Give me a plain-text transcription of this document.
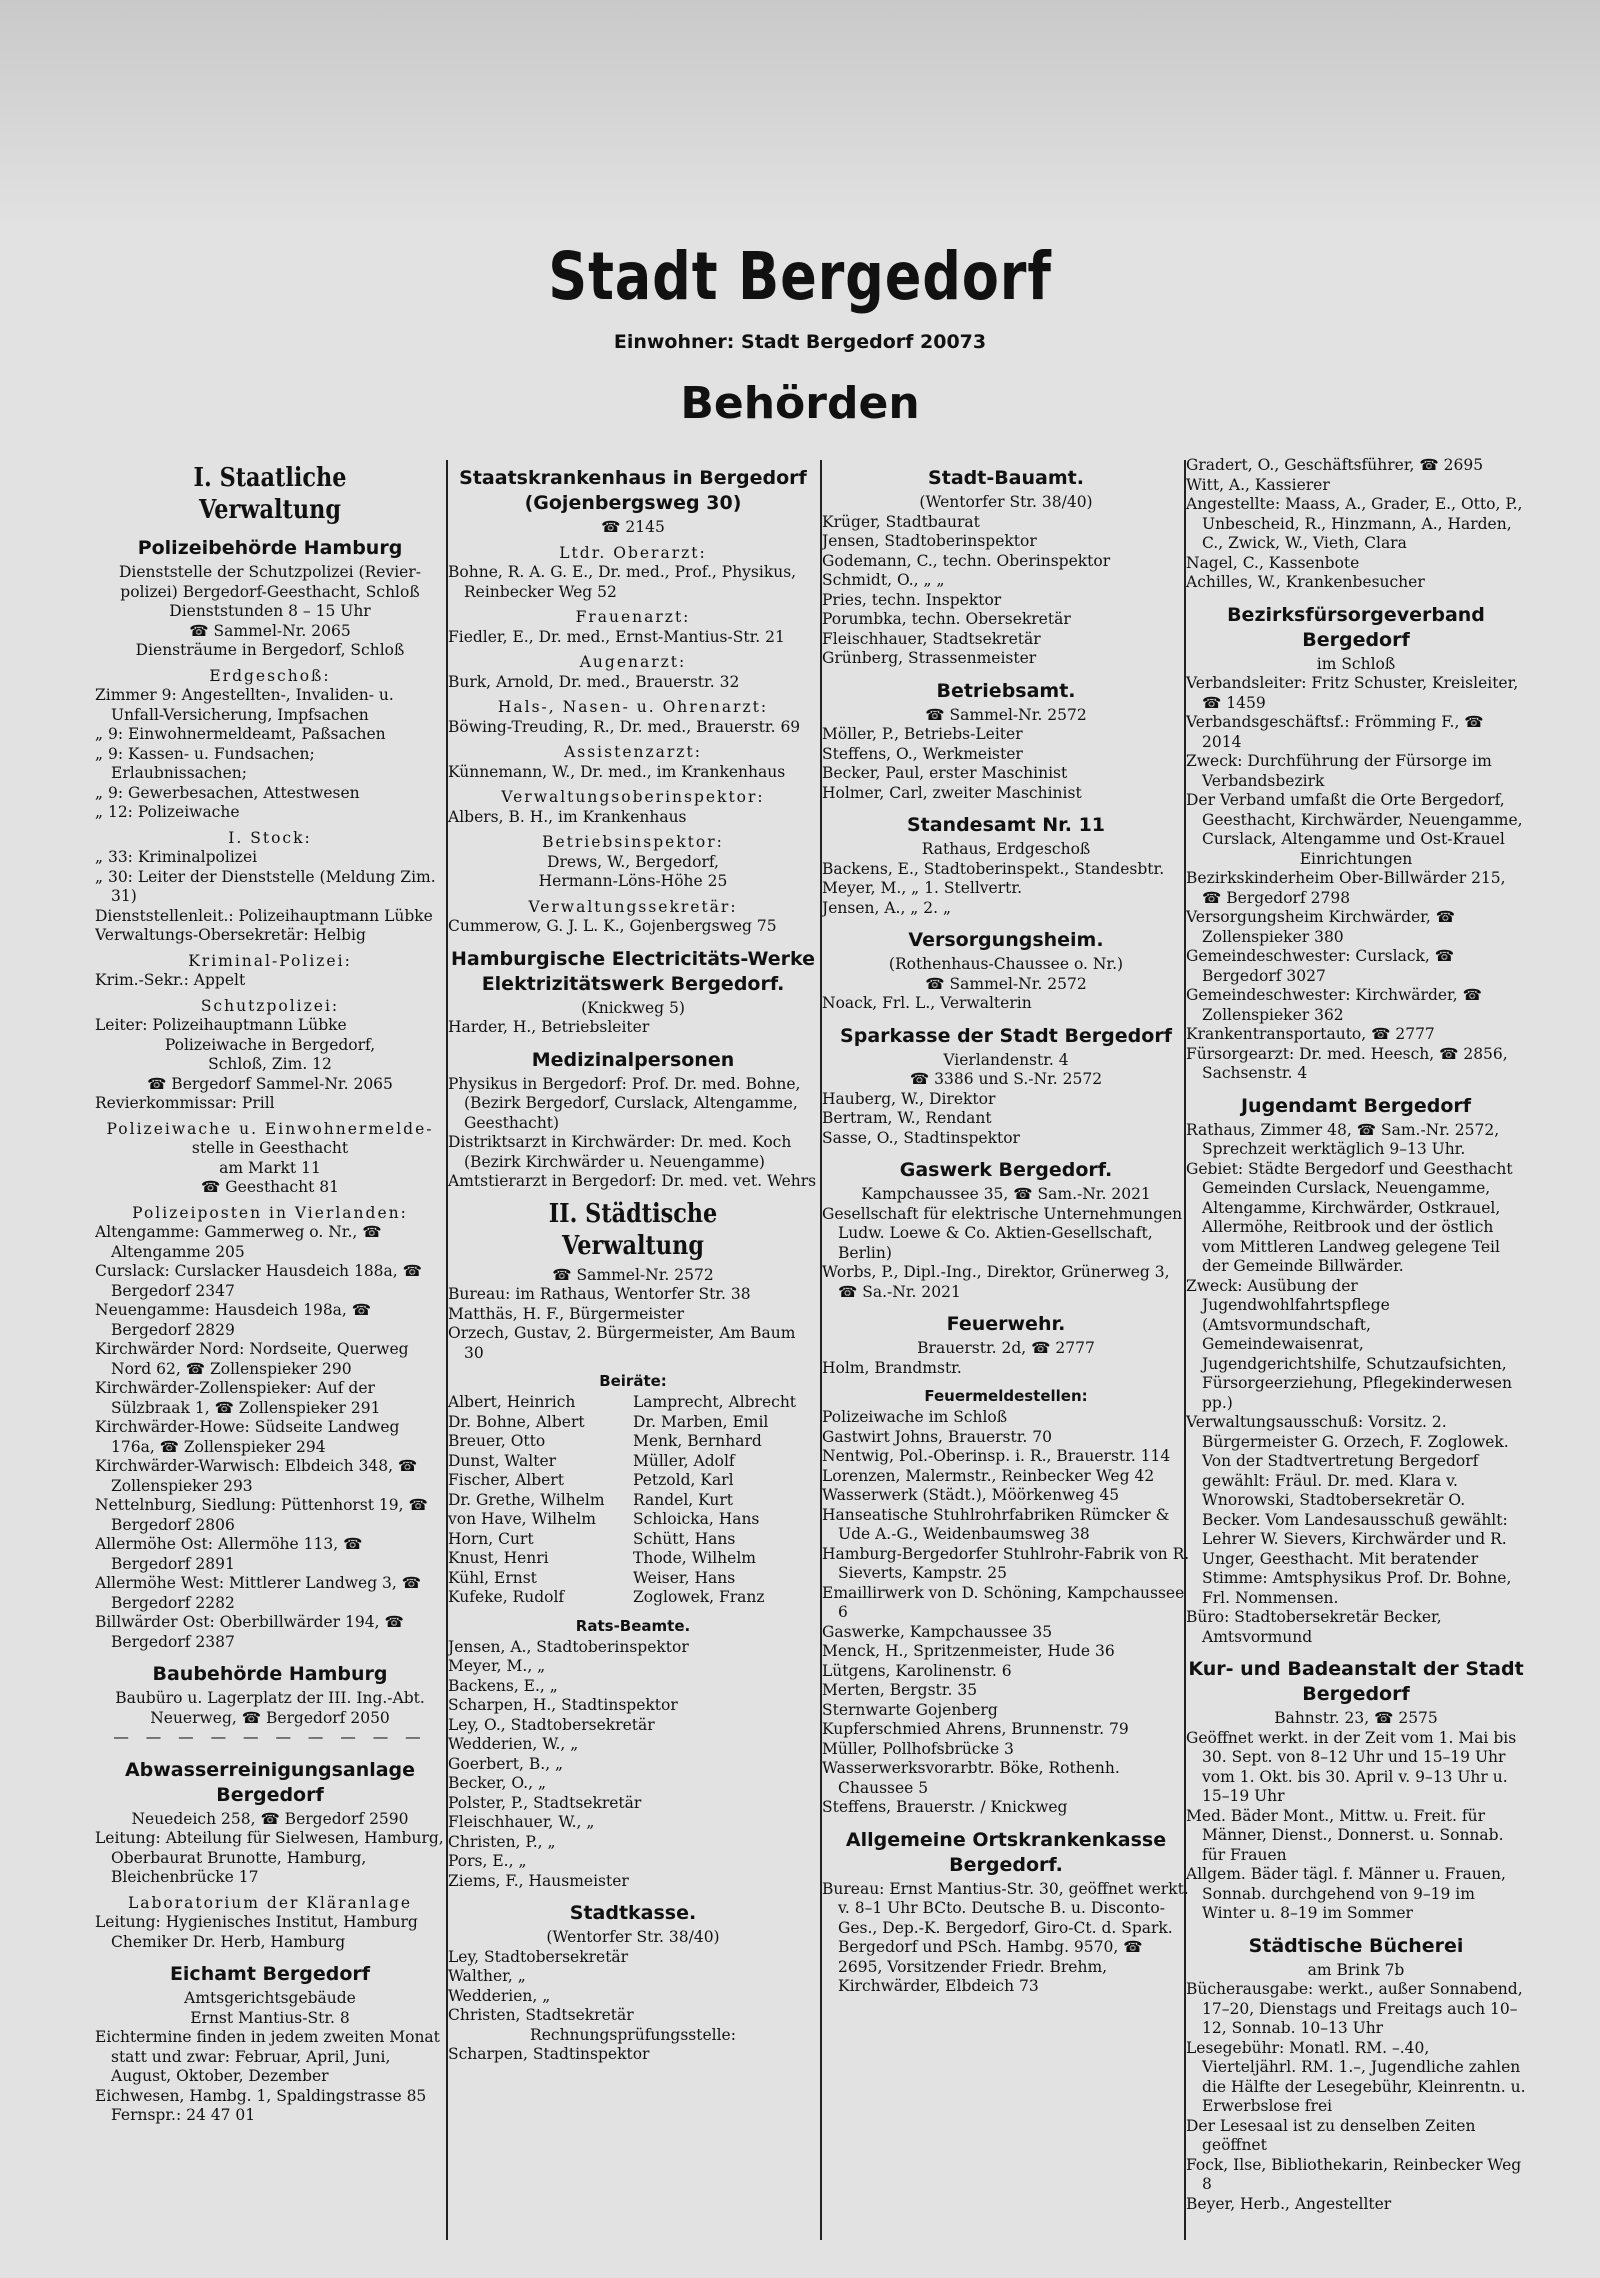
Stadt Bergedorf
Einwohner: Stadt Bergedorf 20073
Behörden

I. Staatliche Verwaltung

Polizeibehörde Hamburg

Dienststelle der Schutzpolizei (Revier-

polizei) Bergedorf-Geesthacht, Schloß

Dienststunden 8 – 15 Uhr

☎ Sammel-Nr. 2065

Diensträume in Bergedorf, Schloß

Erdgeschoß:

Zimmer 9: Angestellten-, Invaliden- u. Unfall-Versicherung, Impfsachen

„ 9: Einwohnermeldeamt, Paßsachen

„ 9: Kassen- u. Fundsachen; Erlaubnissachen;

„ 9: Gewerbesachen, Attestwesen

„ 12: Polizeiwache

I. Stock:

„ 33: Kriminalpolizei

„ 30: Leiter der Dienststelle (Meldung Zim. 31)

Dienststellenleit.: Polizeihauptmann Lübke

Verwaltungs-Obersekretär: Helbig

Kriminal-Polizei:

Krim.-Sekr.: Appelt

Schutzpolizei:

Leiter: Polizeihauptmann Lübke

Polizeiwache in Bergedorf,

Schloß, Zim. 12

☎ Bergedorf Sammel-Nr. 2065

Revierkommissar: Prill

Polizeiwache u. Einwohnermelde-

stelle in Geesthacht

am Markt 11

☎ Geesthacht 81

Polizeiposten in Vierlanden:

Altengamme: Gammerweg o. Nr., ☎ Altengamme 205

Curslack: Curslacker Hausdeich 188a, ☎ Bergedorf 2347

Neuengamme: Hausdeich 198a, ☎ Bergedorf 2829

Kirchwärder Nord: Nordseite, Querweg Nord 62, ☎ Zollenspieker 290

Kirchwärder-Zollenspieker: Auf der Sülzbraak 1, ☎ Zollenspieker 291

Kirchwärder-Howe: Südseite Landweg 176a, ☎ Zollenspieker 294

Kirchwärder-Warwisch: Elbdeich 348, ☎ Zollenspieker 293

Nettelnburg, Siedlung: Püttenhorst 19, ☎ Bergedorf 2806

Allermöhe Ost: Allermöhe 113, ☎ Bergedorf 2891

Allermöhe West: Mittlerer Landweg 3, ☎ Bergedorf 2282

Billwärder Ost: Oberbillwärder 194, ☎ Bergedorf 2387

Baubehörde Hamburg

Baubüro u. Lagerplatz der III. Ing.-Abt.

Neuerweg, ☎ Bergedorf 2050

— — — — — — — — — —

Abwasserreinigungsanlage Bergedorf

Neuedeich 258, ☎ Bergedorf 2590

Leitung: Abteilung für Sielwesen, Hamburg, Oberbaurat Brunotte, Hamburg, Bleichenbrücke 17

Laboratorium der Kläranlage

Leitung: Hygienisches Institut, Hamburg Chemiker Dr. Herb, Hamburg

Eichamt Bergedorf

Amtsgerichtsgebäude

Ernst Mantius-Str. 8

Eichtermine finden in jedem zweiten Monat statt und zwar: Februar, April, Juni, August, Oktober, Dezember

Eichwesen, Hambg. 1, Spaldingstrasse 85 Fernspr.: 24 47 01

Staatskrankenhaus in Bergedorf (Gojenbergsweg 30)

☎ 2145

Ltdr. Oberarzt:

Bohne, R. A. G. E., Dr. med., Prof., Physikus, Reinbecker Weg 52

Frauenarzt:

Fiedler, E., Dr. med., Ernst-Mantius-Str. 21

Augenarzt:

Burk, Arnold, Dr. med., Brauerstr. 32

Hals-, Nasen- u. Ohrenarzt:

Böwing-Treuding, R., Dr. med., Brauerstr. 69

Assistenzarzt:

Künnemann, W., Dr. med., im Krankenhaus

Verwaltungsoberinspektor:

Albers, B. H., im Krankenhaus

Betriebsinspektor:

Drews, W., Bergedorf,

Hermann-Löns-Höhe 25

Verwaltungssekretär:

Cummerow, G. J. L. K., Gojenbergsweg 75

Hamburgische Electricitäts-Werke Elektrizitätswerk Bergedorf.

(Knickweg 5)

Harder, H., Betriebsleiter

Medizinalpersonen

Physikus in Bergedorf: Prof. Dr. med. Bohne, (Bezirk Bergedorf, Curslack, Altengamme, Geesthacht)

Distriktsarzt in Kirchwärder: Dr. med. Koch (Bezirk Kirchwärder u. Neuengamme)

Amtstierarzt in Bergedorf: Dr. med. vet. Wehrs

II. Städtische Verwaltung

☎ Sammel-Nr. 2572

Bureau: im Rathaus, Wentorfer Str. 38

Matthäs, H. F., Bürgermeister

Orzech, Gustav, 2. Bürgermeister, Am Baum 30

Beiräte:

Albert, Heinrich

Dr. Bohne, Albert

Breuer, Otto

Dunst, Walter

Fischer, Albert

Dr. Grethe, Wilhelm

von Have, Wilhelm

Horn, Curt

Knust, Henri

Kühl, Ernst

Kufeke, Rudolf

Lamprecht, Albrecht

Dr. Marben, Emil

Menk, Bernhard

Müller, Adolf

Petzold, Karl

Randel, Kurt

Schloicka, Hans

Schütt, Hans

Thode, Wilhelm

Weiser, Hans

Zoglowek, Franz

Rats-Beamte.

Jensen, A., Stadtoberinspektor

Meyer, M., „

Backens, E., „

Scharpen, H., Stadtinspektor

Ley, O., Stadtobersekretär

Wedderien, W., „

Goerbert, B., „

Becker, O., „

Polster, P., Stadtsekretär

Fleischhauer, W., „

Christen, P., „

Pors, E., „

Ziems, F., Hausmeister

Stadtkasse.

(Wentorfer Str. 38/40)

Ley, Stadtobersekretär

Walther, „

Wedderien, „

Christen, Stadtsekretär

Rechnungsprüfungsstelle:

Scharpen, Stadtinspektor

Stadt-Bauamt.

(Wentorfer Str. 38/40)

Krüger, Stadtbaurat

Jensen, Stadtoberinspektor

Godemann, C., techn. Oberinspektor

Schmidt, O., „ „

Pries, techn. Inspektor

Porumbka, techn. Obersekretär

Fleischhauer, Stadtsekretär

Grünberg, Strassenmeister

Betriebsamt.

☎ Sammel-Nr. 2572

Möller, P., Betriebs-Leiter

Steffens, O., Werkmeister

Becker, Paul, erster Maschinist

Holmer, Carl, zweiter Maschinist

Standesamt Nr. 11

Rathaus, Erdgeschoß

Backens, E., Stadtoberinspekt., Standesbtr.

Meyer, M., „ 1. Stellvertr.

Jensen, A., „ 2. „

Versorgungsheim.

(Rothenhaus-Chaussee o. Nr.)

☎ Sammel-Nr. 2572

Noack, Frl. L., Verwalterin

Sparkasse der Stadt Bergedorf

Vierlandenstr. 4

☎ 3386 und S.-Nr. 2572

Hauberg, W., Direktor

Bertram, W., Rendant

Sasse, O., Stadtinspektor

Gaswerk Bergedorf.

Kampchaussee 35, ☎ Sam.-Nr. 2021

Gesellschaft für elektrische Unternehmungen Ludw. Loewe & Co. Aktien-Gesellschaft, Berlin)

Worbs, P., Dipl.-Ing., Direktor, Grünerweg 3, ☎ Sa.-Nr. 2021

Feuerwehr.

Brauerstr. 2d, ☎ 2777

Holm, Brandmstr.

Feuermeldestellen:

Polizeiwache im Schloß

Gastwirt Johns, Brauerstr. 70

Nentwig, Pol.-Oberinsp. i. R., Brauerstr. 114

Lorenzen, Malermstr., Reinbecker Weg 42

Wasserwerk (Städt.), Möörkenweg 45

Hanseatische Stuhlrohrfabriken Rümcker & Ude A.-G., Weidenbaumsweg 38

Hamburg-Bergedorfer Stuhlrohr-Fabrik von R. Sieverts, Kampstr. 25

Emaillirwerk von D. Schöning, Kampchaussee 6

Gaswerke, Kampchaussee 35

Menck, H., Spritzenmeister, Hude 36

Lütgens, Karolinenstr. 6

Merten, Bergstr. 35

Sternwarte Gojenberg

Kupferschmied Ahrens, Brunnenstr. 79

Müller, Pollhofsbrücke 3

Wasserwerksvorarbtr. Böke, Rothenh. Chaussee 5

Steffens, Brauerstr. / Knickweg

Allgemeine Ortskrankenkasse Bergedorf.

Bureau: Ernst Mantius-Str. 30, geöffnet werkt. v. 8–1 Uhr BCto. Deutsche B. u. Disconto-Ges., Dep.-K. Bergedorf, Giro-Ct. d. Spark. Bergedorf und PSch. Hambg. 9570, ☎ 2695, Vorsitzender Friedr. Brehm, Kirchwärder, Elbdeich 73

Gradert, O., Geschäftsführer, ☎ 2695

Witt, A., Kassierer

Angestellte: Maass, A., Grader, E., Otto, P., Unbescheid, R., Hinzmann, A., Harden, C., Zwick, W., Vieth, Clara

Nagel, C., Kassenbote

Achilles, W., Krankenbesucher

Bezirksfürsorgeverband Bergedorf

im Schloß

Verbandsleiter: Fritz Schuster, Kreisleiter, ☎ 1459

Verbandsgeschäftsf.: Frömming F., ☎ 2014

Zweck: Durchführung der Fürsorge im Verbandsbezirk

Der Verband umfaßt die Orte Bergedorf, Geesthacht, Kirchwärder, Neuengamme, Curslack, Altengamme und Ost-Krauel

Einrichtungen

Bezirkskinderheim Ober-Billwärder 215, ☎ Bergedorf 2798

Versorgungsheim Kirchwärder, ☎ Zollenspieker 380

Gemeindeschwester: Curslack, ☎ Bergedorf 3027

Gemeindeschwester: Kirchwärder, ☎ Zollenspieker 362

Krankentransportauto, ☎ 2777

Fürsorgearzt: Dr. med. Heesch, ☎ 2856, Sachsenstr. 4

Jugendamt Bergedorf

Rathaus, Zimmer 48, ☎ Sam.-Nr. 2572, Sprechzeit werktäglich 9–13 Uhr.

Gebiet: Städte Bergedorf und Geesthacht Gemeinden Curslack, Neuengamme, Altengamme, Kirchwärder, Ostkrauel, Allermöhe, Reitbrook und der östlich vom Mittleren Landweg gelegene Teil der Gemeinde Billwärder.

Zweck: Ausübung der Jugendwohlfahrtspflege (Amtsvormundschaft, Gemeindewaisenrat, Jugendgerichtshilfe, Schutzaufsichten, Fürsorgeerziehung, Pflegekinderwesen pp.)

Verwaltungsausschuß: Vorsitz. 2. Bürgermeister G. Orzech, F. Zoglowek. Von der Stadtvertretung Bergedorf gewählt: Fräul. Dr. med. Klara v. Wnorowski, Stadtobersekretär O. Becker. Vom Landesausschuß gewählt: Lehrer W. Sievers, Kirchwärder und R. Unger, Geesthacht. Mit beratender Stimme: Amtsphysikus Prof. Dr. Bohne, Frl. Nommensen.

Büro: Stadtobersekretär Becker, Amtsvormund

Kur- und Badeanstalt der Stadt Bergedorf

Bahnstr. 23, ☎ 2575

Geöffnet werkt. in der Zeit vom 1. Mai bis 30. Sept. von 8–12 Uhr und 15–19 Uhr vom 1. Okt. bis 30. April v. 9–13 Uhr u. 15–19 Uhr

Med. Bäder Mont., Mittw. u. Freit. für Männer, Dienst., Donnerst. u. Sonnab. für Frauen

Allgem. Bäder tägl. f. Männer u. Frauen, Sonnab. durchgehend von 9–19 im Winter u. 8–19 im Sommer

Städtische Bücherei

am Brink 7b

Bücherausgabe: werkt., außer Sonnabend, 17–20, Dienstags und Freitags auch 10–12, Sonnab. 10–13 Uhr

Lesegebühr: Monatl. RM. –.40, Vierteljährl. RM. 1.–, Jugendliche zahlen die Hälfte der Lesegebühr, Kleinrentn. u. Erwerbslose frei

Der Lesesaal ist zu denselben Zeiten geöffnet

Fock, Ilse, Bibliothekarin, Reinbecker Weg 8

Beyer, Herb., Angestellter
